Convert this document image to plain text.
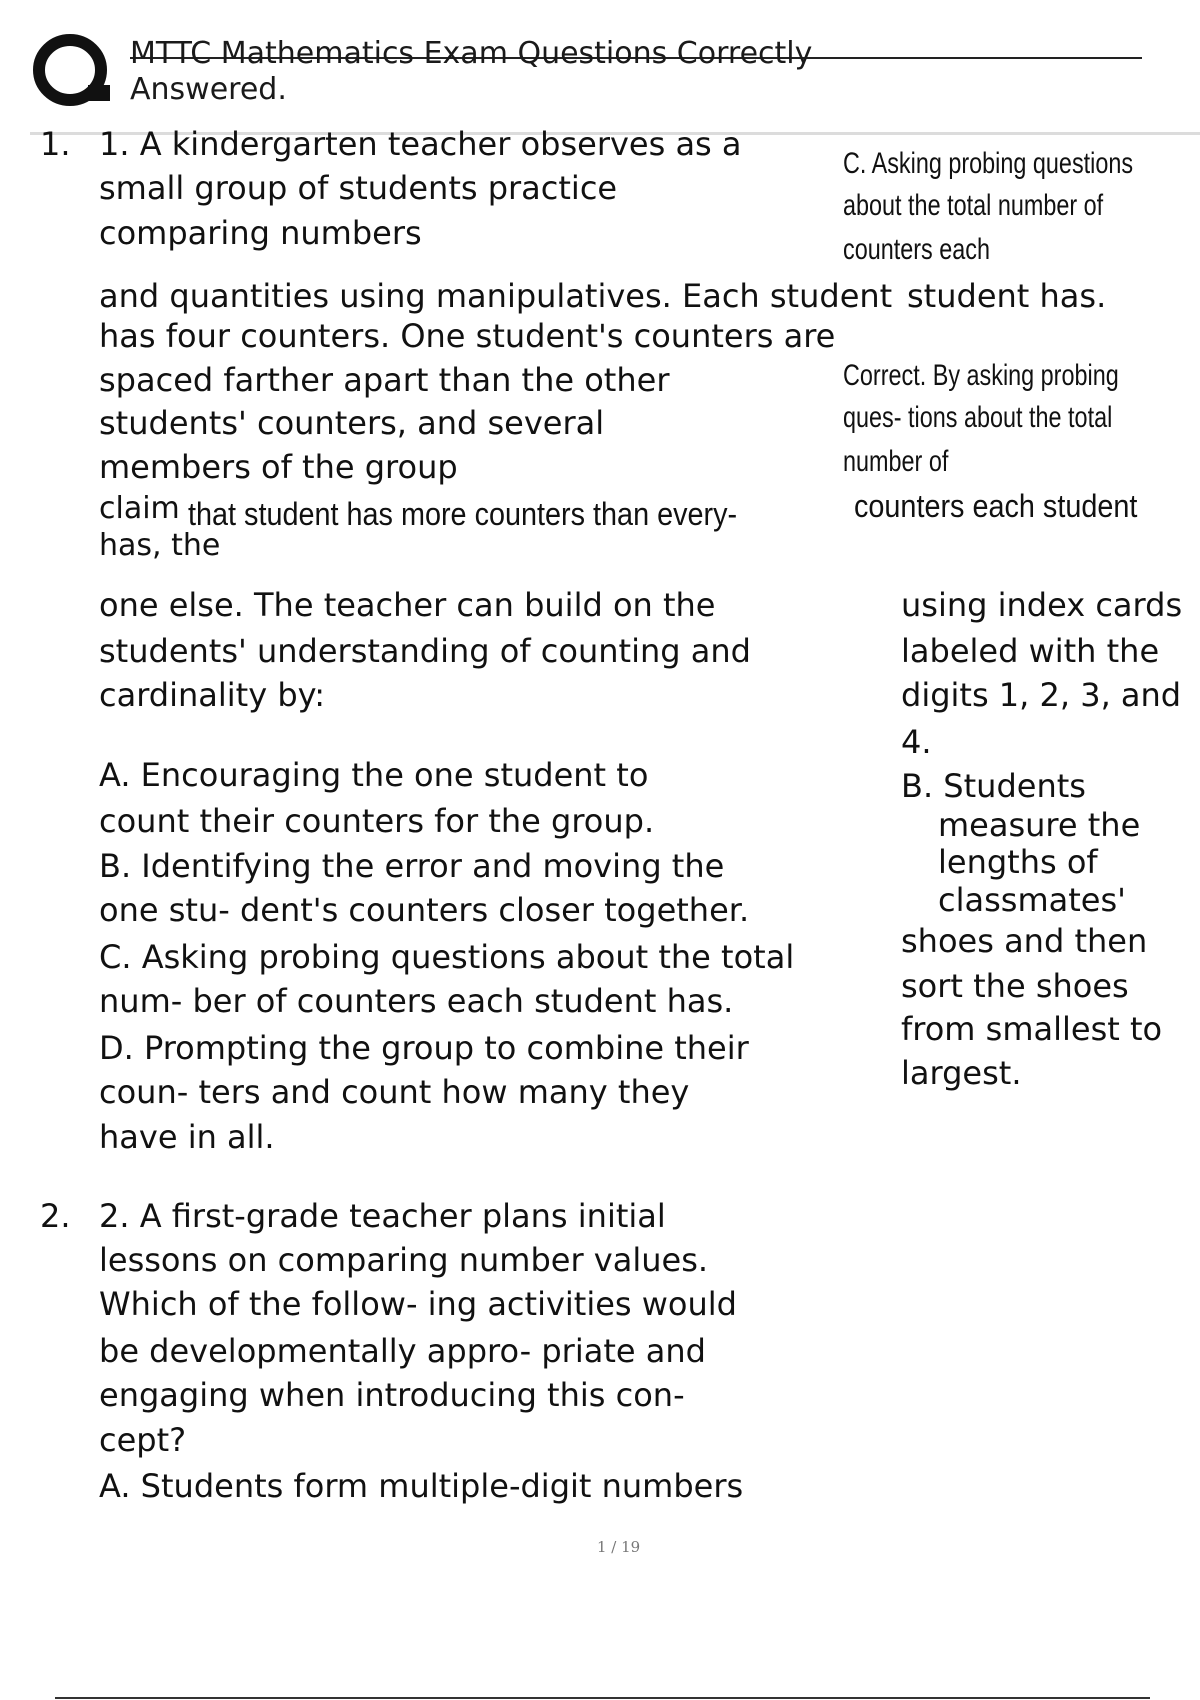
MTTC Mathematics Exam Questions Correctly
Answered.
1. 1. A kindergarten teacher observes as a
small group of students practice
comparing numbers
and quantities using manipulatives. Each student
has four counters. One student's counters are
spaced farther apart than the other
students' counters, and several
members of the group
claim that student has more counters than every-
has, the
one else. The teacher can build on the
students' understanding of counting and
cardinality by:
A. Encouraging the one student to
count their counters for the group.
B. Identifying the error and moving the
one stu- dent's counters closer together.
C. Asking probing questions about the total
num- ber of counters each student has.
D. Prompting the group to combine their
coun- ters and count how many they
have in all.
C. Asking probing questions
about the total number of
counters each
student has.
Correct. By asking probing
ques- tions about the total
number of
counters each student
using index cards
labeled with the
digits 1, 2, 3, and
4.
B. Students
measure the
lengths of
classmates'
shoes and then
sort the shoes
from smallest to
largest.
2. 2. A first-grade teacher plans initial
lessons on comparing number values.
Which of the follow- ing activities would
be developmentally appro- priate and
engaging when introducing this con-
cept?
A. Students form multiple-digit numbers
1 / 19
